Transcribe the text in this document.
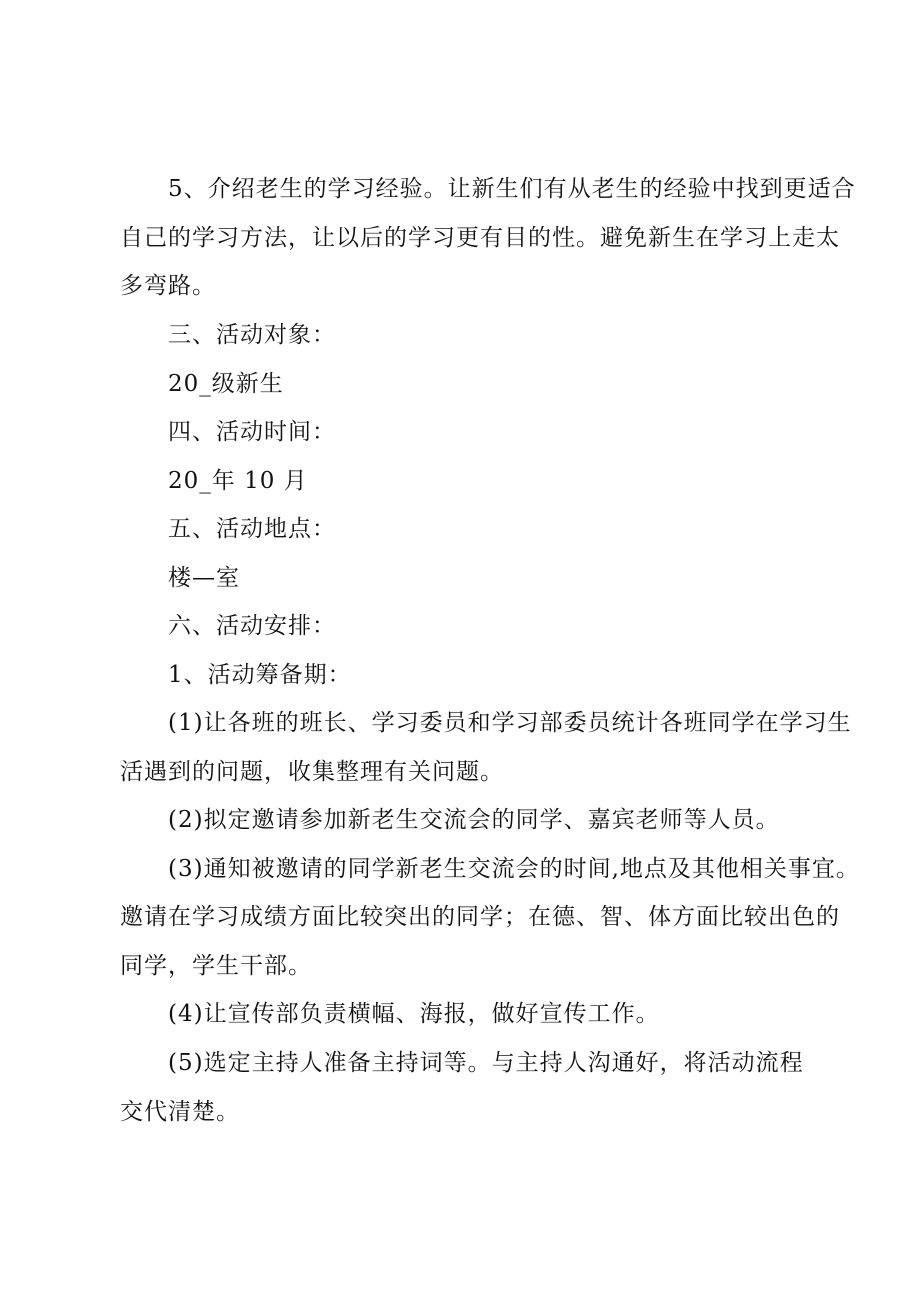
5、介绍老生的学习经验。让新生们有从老生的经验中找到更适合
自己的学习方法，让以后的学习更有目的性。避免新生在学习上走太
多弯路。
三、活动对象：
20_级新生
四、活动时间：
20_年 10 月
五、活动地点：
楼—室
六、活动安排：
1、活动筹备期：
(1)让各班的班长、学习委员和学习部委员统计各班同学在学习生
活遇到的问题，收集整理有关问题。
(2)拟定邀请参加新老生交流会的同学、嘉宾老师等人员。
(3)通知被邀请的同学新老生交流会的时间,地点及其他相关事宜。
邀请在学习成绩方面比较突出的同学；在德、智、体方面比较出色的
同学，学生干部。
(4)让宣传部负责横幅、海报，做好宣传工作。
(5)选定主持人准备主持词等。与主持人沟通好，将活动流程
交代清楚。
